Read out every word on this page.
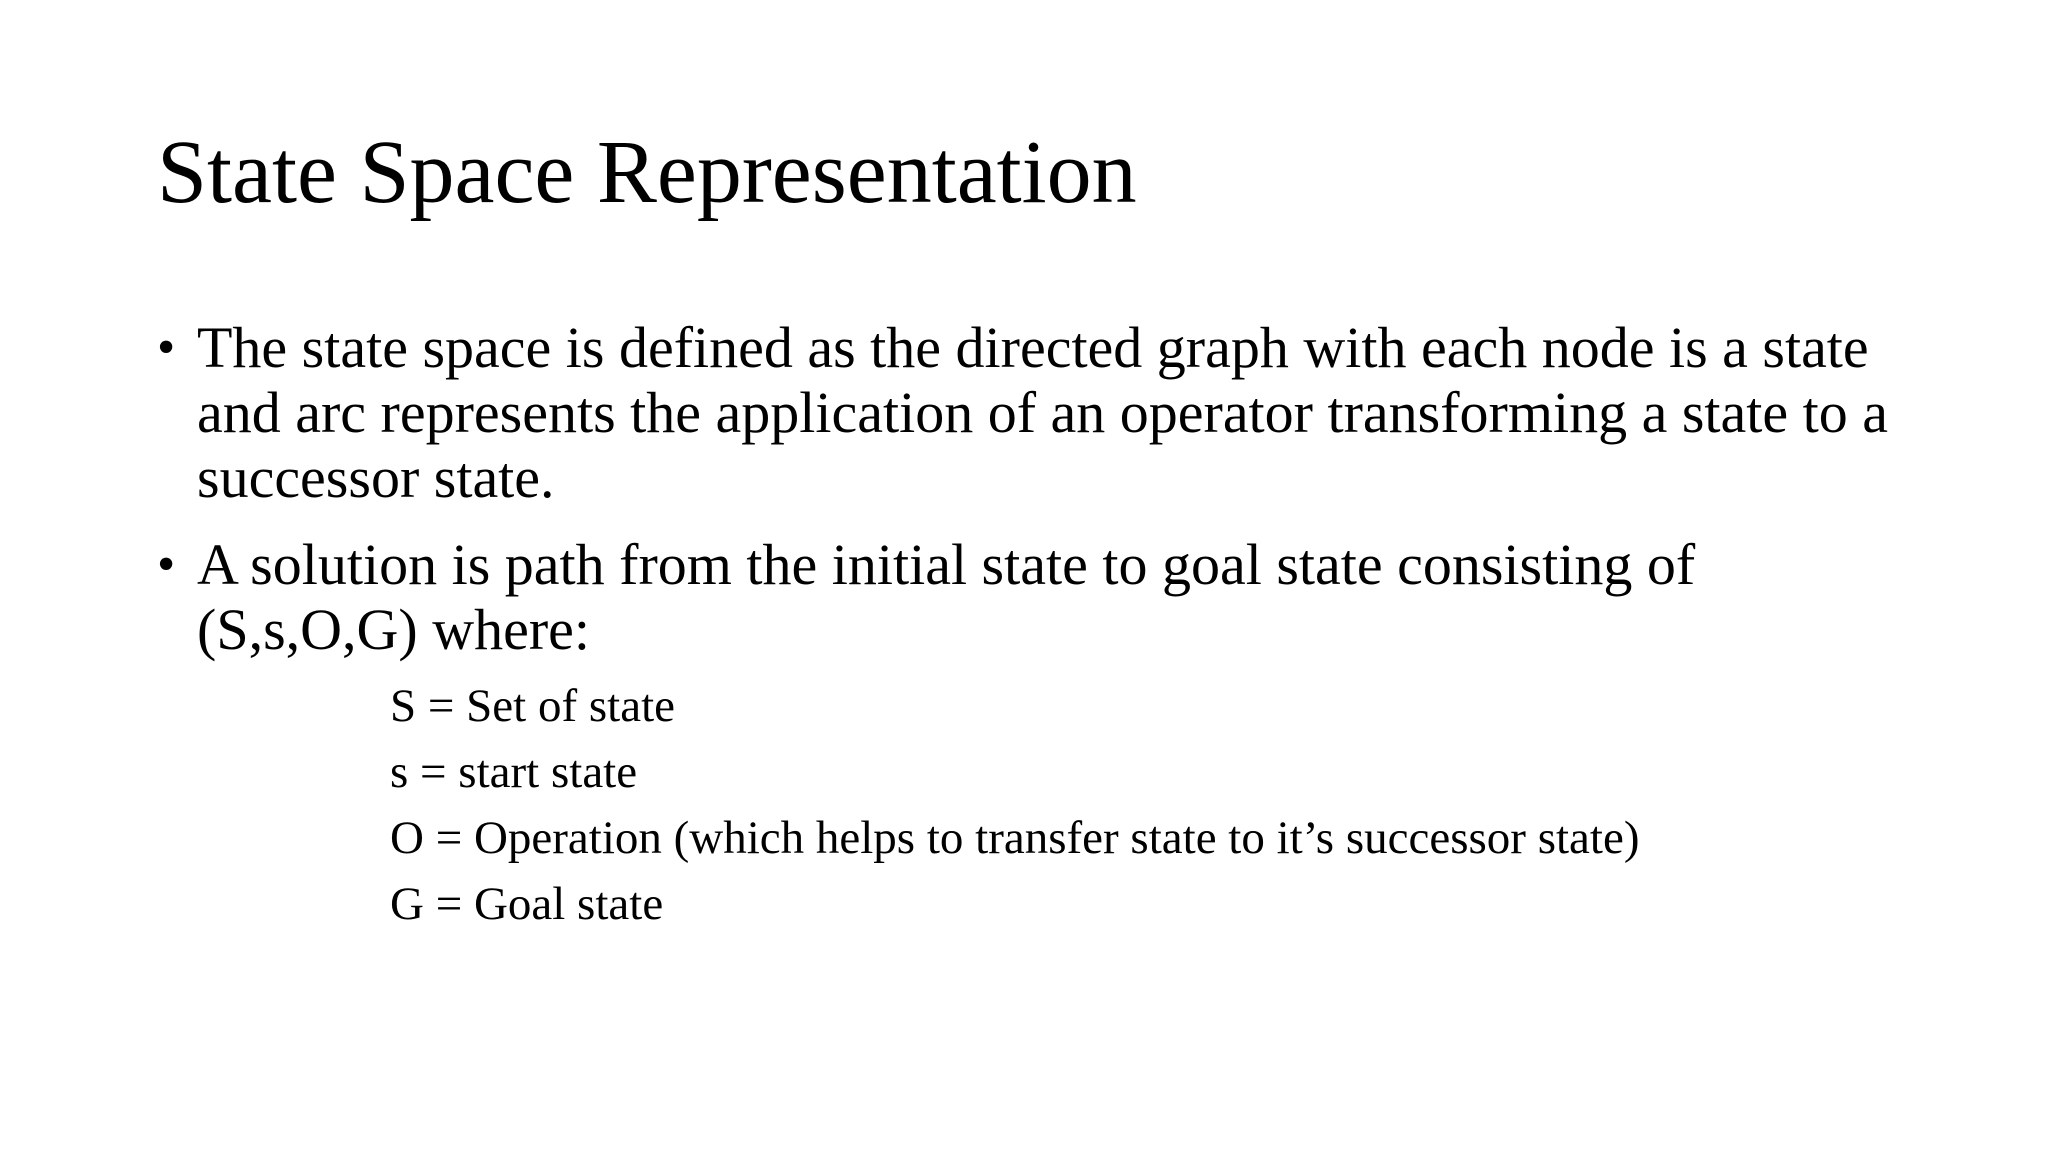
State Space Representation
• The state space is defined as the directed graph with each node is a state and arc represents the application of an operator transforming a state to a successor state.
• A solution is path from the initial state to goal state consisting of (S,s,O,G) where:
S = Set of state
s = start state
O = Operation (which helps to transfer state to it’s successor state)
G = Goal state
